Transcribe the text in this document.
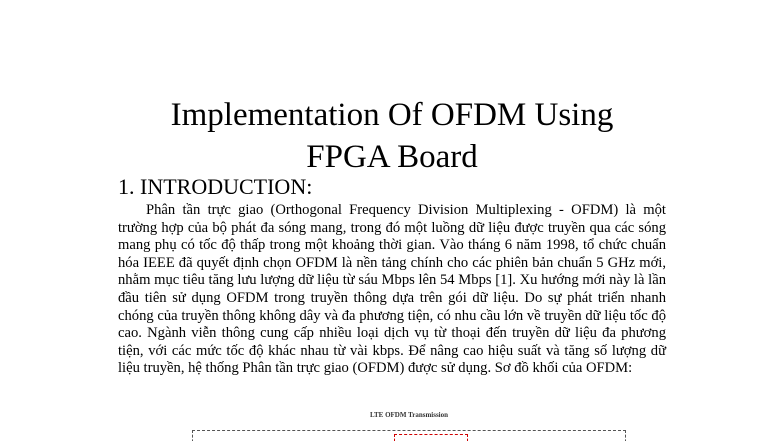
Implementation Of OFDM Using
FPGA Board
1. INTRODUCTION:

Phân tần trực giao (Orthogonal Frequency Division Multiplexing - OFDM) là một trường hợp của bộ phát đa sóng mang, trong đó một luồng dữ liệu được truyền qua các sóng mang phụ có tốc độ thấp trong một khoảng thời gian. Vào tháng 6 năm 1998, tổ chức chuẩn hóa IEEE đã quyết định chọn OFDM là nền tảng chính cho các phiên bản chuẩn 5 GHz mới, nhằm mục tiêu tăng lưu lượng dữ liệu từ sáu Mbps lên 54 Mbps [1]. Xu hướng mới này là lần đầu tiên sử dụng OFDM trong truyền thông dựa trên gói dữ liệu. Do sự phát triển nhanh chóng của truyền thông không dây và đa phương tiện, có nhu cầu lớn về truyền dữ liệu tốc độ cao. Ngành viễn thông cung cấp nhiều loại dịch vụ từ thoại đến truyền dữ liệu đa phương tiện, với các mức tốc độ khác nhau từ vài kbps. Để nâng cao hiệu suất và tăng số lượng dữ liệu truyền, hệ thống Phân tần trực giao (OFDM) được sử dụng. Sơ đồ khối của OFDM:

LTE OFDM Transmission
